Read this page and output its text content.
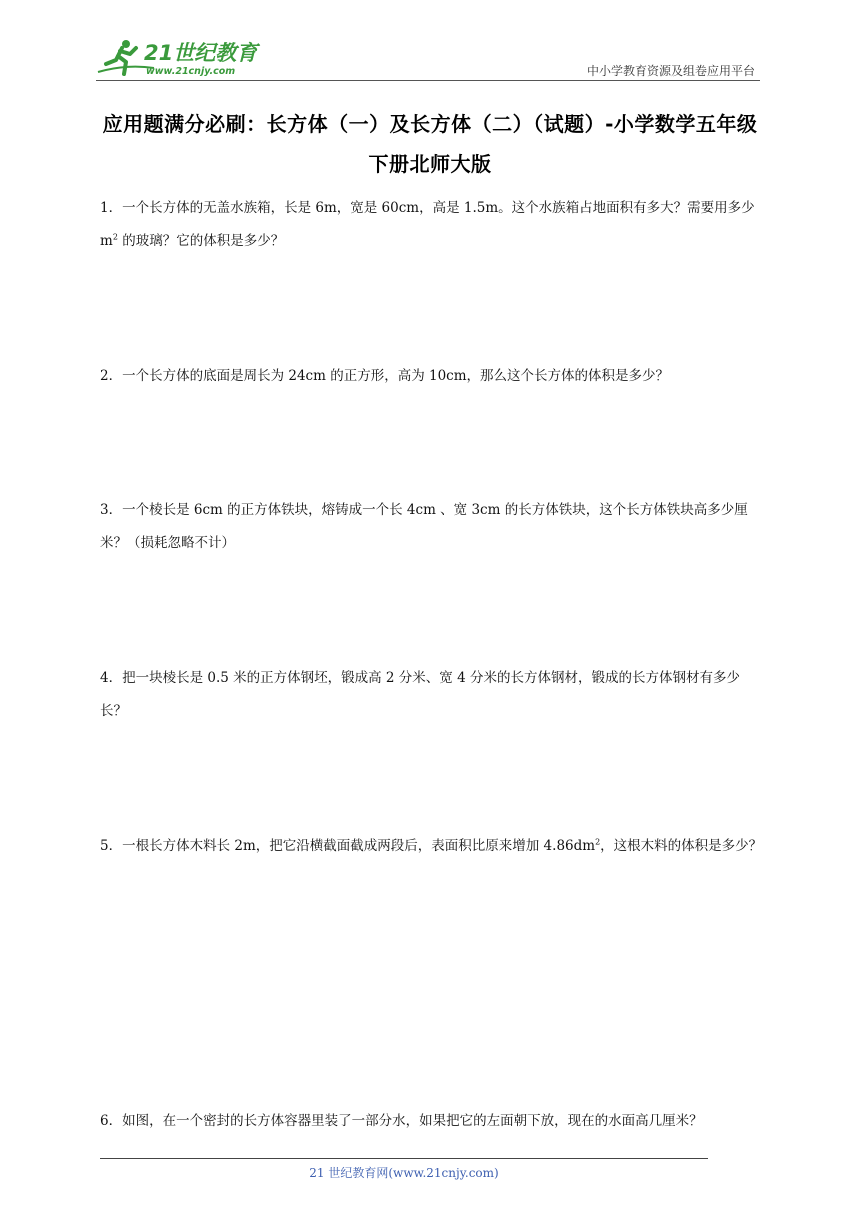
21世纪教育
www.21cnjy.com	中小学教育资源及组卷应用平台
应用题满分必刷：长方体（一）及长方体（二）（试题）-小学数学五年级下册北师大版
1．一个长方体的无盖水族箱，长是 6m，宽是 60cm，高是 1.5m。这个水族箱占地面积有多大？需要用多少 $m^2$ 的玻璃？它的体积是多少？
2．一个长方体的底面是周长为 24cm 的正方形，高为 10cm，那么这个长方体的体积是多少？
3．一个棱长是 6cm 的正方体铁块，熔铸成一个长 4cm 、宽 3cm 的长方体铁块，这个长方体铁块高多少厘米？（损耗忽略不计）
4．把一块棱长是 0.5 米的正方体钢坯，锻成高 2 分米、宽 4 分米的长方体钢材，锻成的长方体钢材有多少长？
5．一根长方体木料长 2m，把它沿横截面截成两段后，表面积比原来增加 $4.86dm^2$，这根木料的体积是多少？
6．如图，在一个密封的长方体容器里装了一部分水，如果把它的左面朝下放，现在的水面高几厘米？
21 世纪教育网(www.21cnjy.com)
